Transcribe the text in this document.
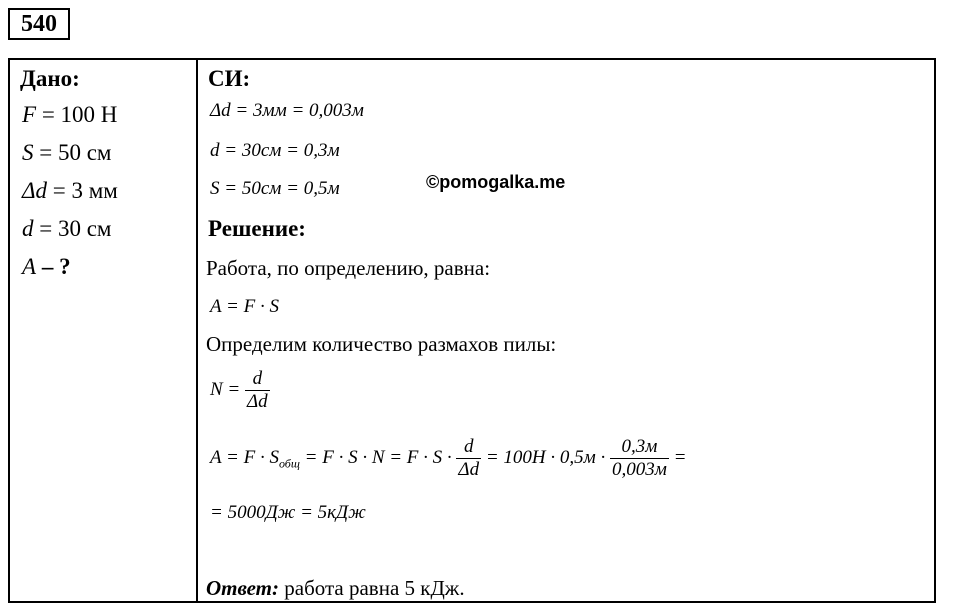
540
Дано:
F = 100 Н
S = 50 см
Δd = 3 мм
d = 30 см
A – ?
СИ:
Δd = 3мм = 0,003м
d = 30см = 0,3м
S = 50см = 0,5м	©pomogalka.me
Решение:
Работа, по определению, равна:
A = F · S
Определим количество размахов пилы:
$N = \frac{d}{\Delta d}$
$A = F \cdot S_{общ} = F \cdot S \cdot N = F \cdot S \cdot \frac{d}{\Delta d} = 100Н \cdot 0,5м \cdot \frac{0,3м}{0,003м}$ =
= 5000Дж = 5кДж
Ответ: работа равна 5 кДж.
